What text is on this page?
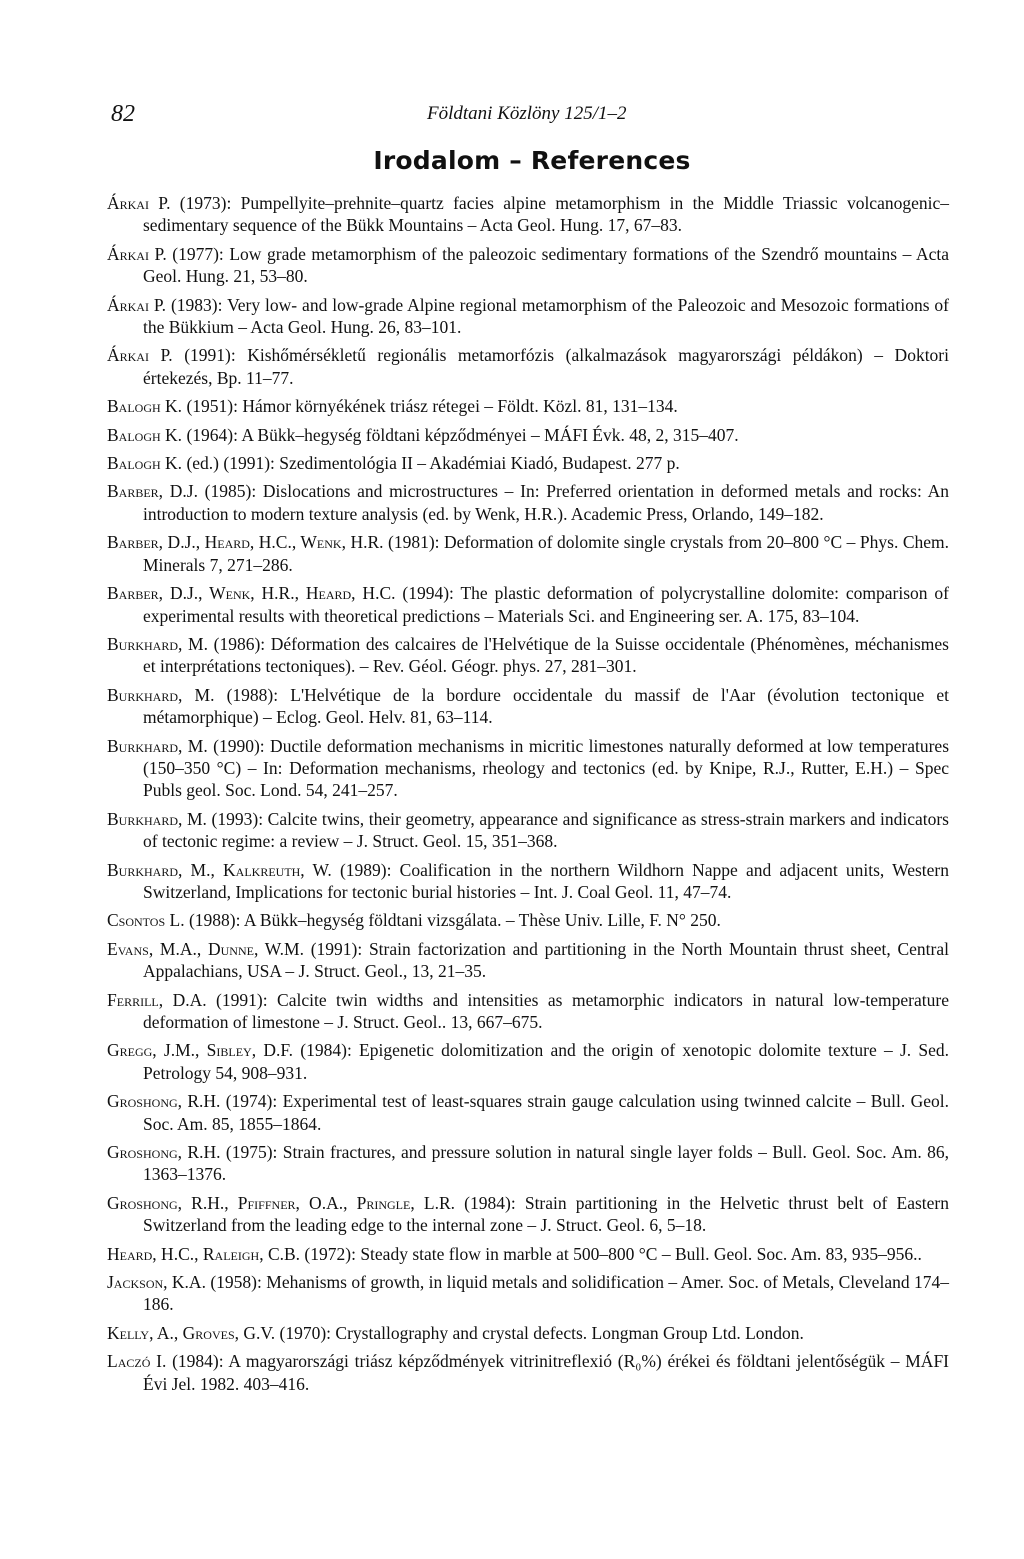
82	Földtani Közlöny 125/1–2
Irodalom – References
Árkai P. (1973): Pumpellyite–prehnite–quartz facies alpine metamorphism in the Middle Triassic volcanogenic–sedimentary sequence of the Bükk Mountains – Acta Geol. Hung. 17, 67–83.
Árkai P. (1977): Low grade metamorphism of the paleozoic sedimentary formations of the Szendrő mountains – Acta Geol. Hung. 21, 53–80.
Árkai P. (1983): Very low- and low-grade Alpine regional metamorphism of the Paleozoic and Mesozoic formations of the Bükkium – Acta Geol. Hung. 26, 83–101.
Árkai P. (1991): Kishőmérsékletű regionális metamorfózis (alkalmazások magyarországi példákon) – Doktori értekezés, Bp. 11–77.
Balogh K. (1951): Hámor környékének triász rétegei – Földt. Közl. 81, 131–134.
Balogh K. (1964): A Bükk–hegység földtani képződményei – MÁFI Évk. 48, 2, 315–407.
Balogh K. (ed.) (1991): Szedimentológia II – Akadémiai Kiadó, Budapest. 277 p.
Barber, D.J. (1985): Dislocations and microstructures – In: Preferred orientation in deformed metals and rocks: An introduction to modern texture analysis (ed. by Wenk, H.R.). Academic Press, Orlando, 149–182.
Barber, D.J., Heard, H.C., Wenk, H.R. (1981): Deformation of dolomite single crystals from 20–800 °C – Phys. Chem. Minerals 7, 271–286.
Barber, D.J., Wenk, H.R., Heard, H.C. (1994): The plastic deformation of polycrystalline dolomite: comparison of experimental results with theoretical predictions – Materials Sci. and Engineering ser. A. 175, 83–104.
Burkhard, M. (1986): Déformation des calcaires de l'Helvétique de la Suisse occidentale (Phénomènes, méchanismes et interprétations tectoniques). – Rev. Géol. Géogr. phys. 27, 281–301.
Burkhard, M. (1988): L'Helvétique de la bordure occidentale du massif de l'Aar (évolution tectonique et métamorphique) – Eclog. Geol. Helv. 81, 63–114.
Burkhard, M. (1990): Ductile deformation mechanisms in micritic limestones naturally deformed at low temperatures (150–350 °C) – In: Deformation mechanisms, rheology and tectonics (ed. by Knipe, R.J., Rutter, E.H.) – Spec Publs geol. Soc. Lond. 54, 241–257.
Burkhard, M. (1993): Calcite twins, their geometry, appearance and significance as stress-strain markers and indicators of tectonic regime: a review – J. Struct. Geol. 15, 351–368.
Burkhard, M., Kalkreuth, W. (1989): Coalification in the northern Wildhorn Nappe and adjacent units, Western Switzerland, Implications for tectonic burial histories – Int. J. Coal Geol. 11, 47–74.
Csontos L. (1988): A Bükk–hegység földtani vizsgálata. – Thèse Univ. Lille, F. N° 250.
Evans, M.A., Dunne, W.M. (1991): Strain factorization and partitioning in the North Mountain thrust sheet, Central Appalachians, USA – J. Struct. Geol., 13, 21–35.
Ferrill, D.A. (1991): Calcite twin widths and intensities as metamorphic indicators in natural low-temperature deformation of limestone – J. Struct. Geol.. 13, 667–675.
Gregg, J.M., Sibley, D.F. (1984): Epigenetic dolomitization and the origin of xenotopic dolomite texture – J. Sed. Petrology 54, 908–931.
Groshong, R.H. (1974): Experimental test of least-squares strain gauge calculation using twinned calcite – Bull. Geol. Soc. Am. 85, 1855–1864.
Groshong, R.H. (1975): Strain fractures, and pressure solution in natural single layer folds – Bull. Geol. Soc. Am. 86, 1363–1376.
Groshong, R.H., Pfiffner, O.A., Pringle, L.R. (1984): Strain partitioning in the Helvetic thrust belt of Eastern Switzerland from the leading edge to the internal zone – J. Struct. Geol. 6, 5–18.
Heard, H.C., Raleigh, C.B. (1972): Steady state flow in marble at 500–800 °C – Bull. Geol. Soc. Am. 83, 935–956..
Jackson, K.A. (1958): Mehanisms of growth, in liquid metals and solidification – Amer. Soc. of Metals, Cleveland 174–186.
Kelly, A., Groves, G.V. (1970): Crystallography and crystal defects. Longman Group Ltd. London.
Laczó I. (1984): A magyarországi triász képződmények vitrinitreflexió (R₀%) érékei és földtani jelentőségük – MÁFI Évi Jel. 1982. 403–416.
